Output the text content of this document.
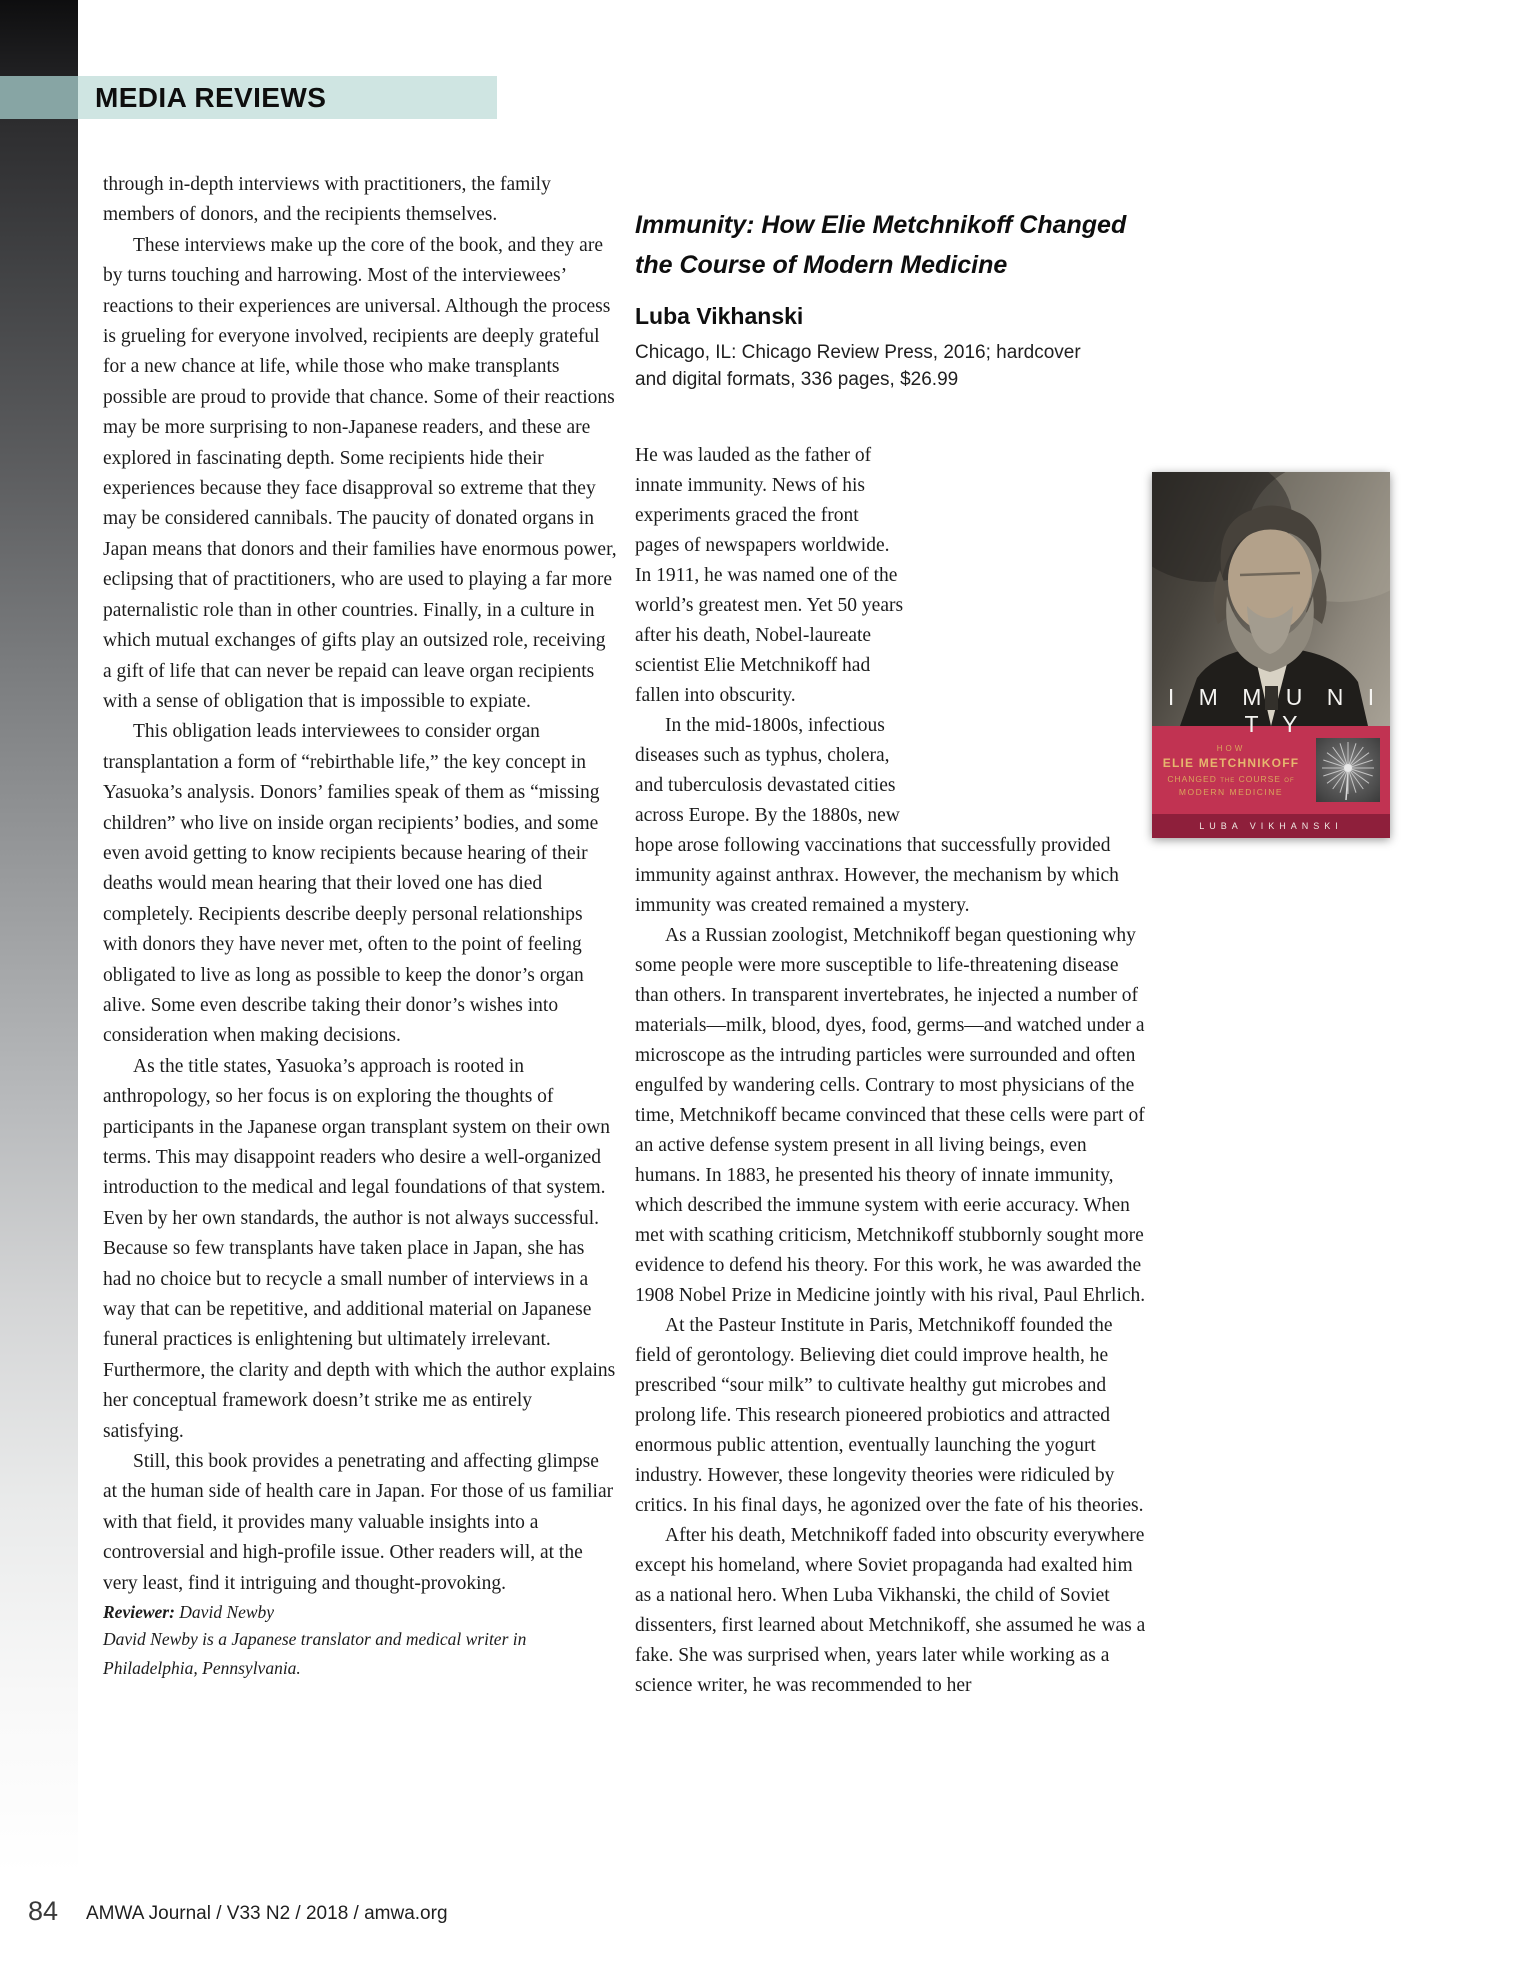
MEDIA REVIEWS

through in-depth interviews with practitioners, the family members of donors, and the recipients themselves.

These interviews make up the core of the book, and they are by turns touching and harrowing. Most of the interviewees’ reactions to their experiences are universal. Although the process is grueling for everyone involved, recipients are deeply grateful for a new chance at life, while those who make transplants possible are proud to provide that chance. Some of their reactions may be more surprising to non-Japanese readers, and these are explored in fascinating depth. Some recipients hide their experiences because they face disapproval so extreme that they may be considered cannibals. The paucity of donated organs in Japan means that donors and their families have enormous power, eclipsing that of practitioners, who are used to playing a far more paternalistic role than in other countries. Finally, in a culture in which mutual exchanges of gifts play an outsized role, receiving a gift of life that can never be repaid can leave organ recipients with a sense of obligation that is impossible to expiate.

This obligation leads interviewees to consider organ transplantation a form of “rebirthable life,” the key concept in Yasuoka’s analysis. Donors’ families speak of them as “missing children” who live on inside organ recipients’ bodies, and some even avoid getting to know recipients because hearing of their deaths would mean hearing that their loved one has died completely. Recipients describe deeply personal relationships with donors they have never met, often to the point of feeling obligated to live as long as possible to keep the donor’s organ alive. Some even describe taking their donor’s wishes into consideration when making decisions.

As the title states, Yasuoka’s approach is rooted in anthropology, so her focus is on exploring the thoughts of participants in the Japanese organ transplant system on their own terms. This may disappoint readers who desire a well-organized introduction to the medical and legal foundations of that system. Even by her own standards, the author is not always successful. Because so few transplants have taken place in Japan, she has had no choice but to recycle a small number of interviews in a way that can be repetitive, and additional material on Japanese funeral practices is enlightening but ultimately irrelevant. Furthermore, the clarity and depth with which the author explains her conceptual framework doesn’t strike me as entirely satisfying.

Still, this book provides a penetrating and affecting glimpse at the human side of health care in Japan. For those of us familiar with that field, it provides many valuable insights into a controversial and high-profile issue. Other readers will, at the very least, find it intriguing and thought-provoking.

Reviewer: David Newby

David Newby is a Japanese translator and medical writer in Philadelphia, Pennsylvania.

Immunity: How Elie Metchnikoff Changed
the Course of Modern Medicine
Luba Vikhanski
Chicago, IL: Chicago Review Press, 2016; hardcover and digital formats, 336 pages, $26.99

He was lauded as the father of innate immunity. News of his experiments graced the front pages of newspapers worldwide. In 1911, he was named one of the world’s greatest men. Yet 50 years after his death, Nobel-laureate scientist Elie Metchnikoff had fallen into obscurity.

In the mid-1800s, infectious diseases such as typhus, cholera, and tuberculosis devastated cities across Europe. By the 1880s, new hope arose following vaccinations that successfully provided immunity against anthrax. However, the mechanism by which immunity was created remained a mystery.

As a Russian zoologist, Metchnikoff began questioning why some people were more susceptible to life-threatening disease than others. In transparent invertebrates, he injected a number of materials—milk, blood, dyes, food, germs—and watched under a microscope as the intruding particles were surrounded and often engulfed by wandering cells. Contrary to most physicians of the time, Metchnikoff became convinced that these cells were part of an active defense system present in all living beings, even humans. In 1883, he presented his theory of innate immunity, which described the immune system with eerie accuracy. When met with scathing criticism, Metchnikoff stubbornly sought more evidence to defend his theory. For this work, he was awarded the 1908 Nobel Prize in Medicine jointly with his rival, Paul Ehrlich.

At the Pasteur Institute in Paris, Metchnikoff founded the field of gerontology. Believing diet could improve health, he prescribed “sour milk” to cultivate healthy gut microbes and prolong life. This research pioneered probiotics and attracted enormous public attention, eventually launching the yogurt industry. However, these longevity theories were ridiculed by critics. In his final days, he agonized over the fate of his theories.

After his death, Metchnikoff faded into obscurity everywhere except his homeland, where Soviet propaganda had exalted him as a national hero. When Luba Vikhanski, the child of Soviet dissenters, first learned about Metchnikoff, she assumed he was a fake. She was surprised when, years later while working as a science writer, he was recommended to her

I M M U N I T Y
HOW
ELIE METCHNIKOFF
CHANGED the COURSE of
MODERN MEDICINE
LUBA VIKHANSKI
84 AMWA Journal / V33 N2 / 2018 / amwa.org
